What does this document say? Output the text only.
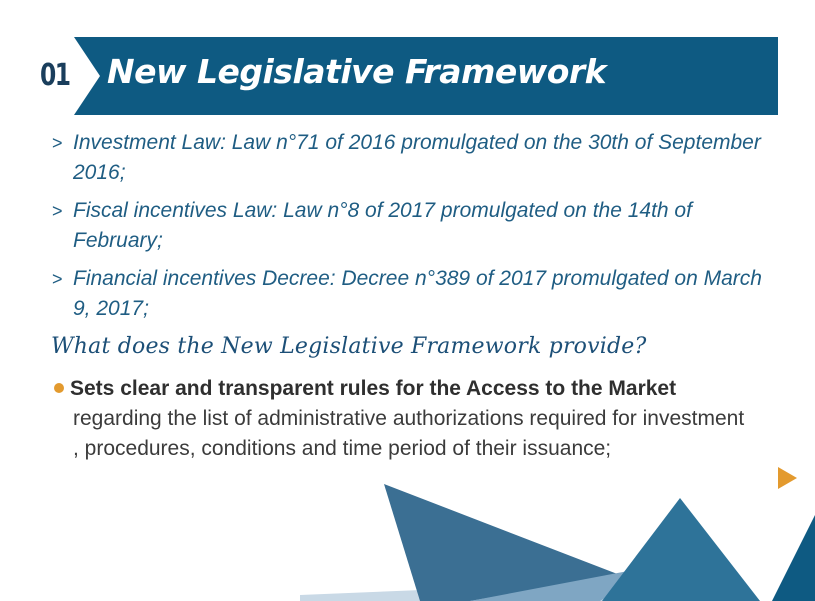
01 New Legislative Framework
> Investment Law: Law n°71 of 2016 promulgated on the 30th of September 2016;
> Fiscal incentives Law: Law n°8 of 2017 promulgated on the 14th of February;
> Financial incentives Decree: Decree n°389 of 2017 promulgated on March 9, 2017;
What does the New Legislative Framework provide?
Sets clear and transparent rules for the Access to the Market
regarding the list of administrative authorizations required for investment , procedures, conditions and time period of their issuance;
